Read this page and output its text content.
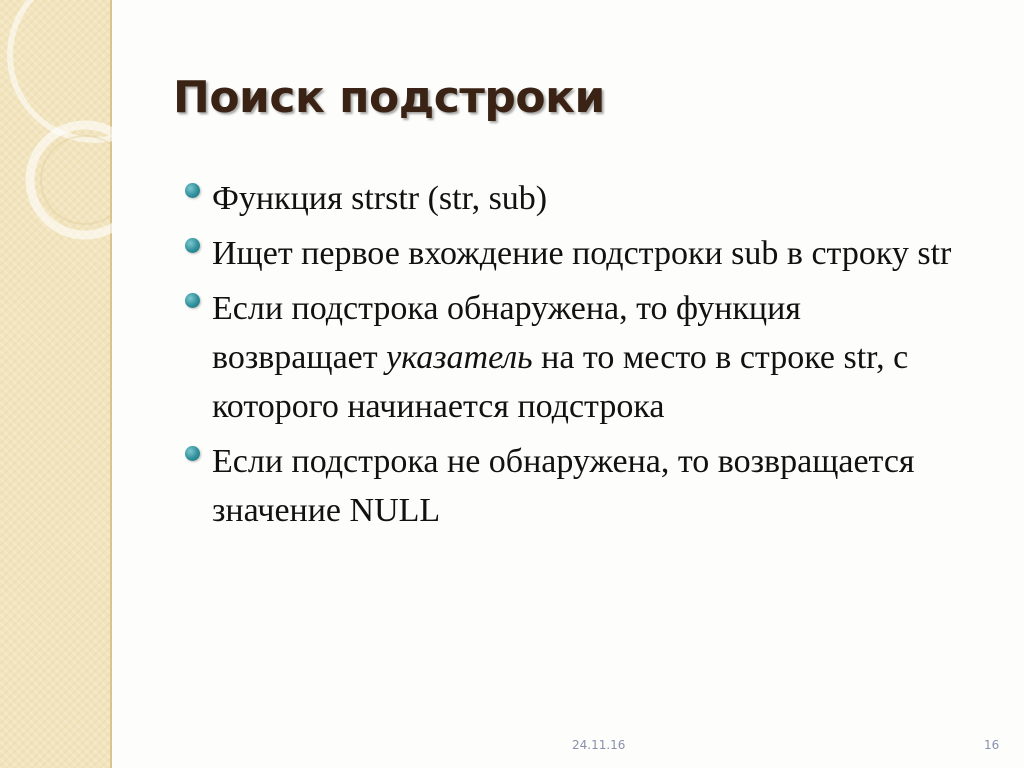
Поиск подстроки
Функция strstr (str, sub)
Ищет первое вхождение подстроки sub в строку str
Если подстрока обнаружена, то функция возвращает указатель на то место в строке str, с которого начинается подстрока
Если подстрока не обнаружена, то возвращается значение NULL
24.11.16	16
